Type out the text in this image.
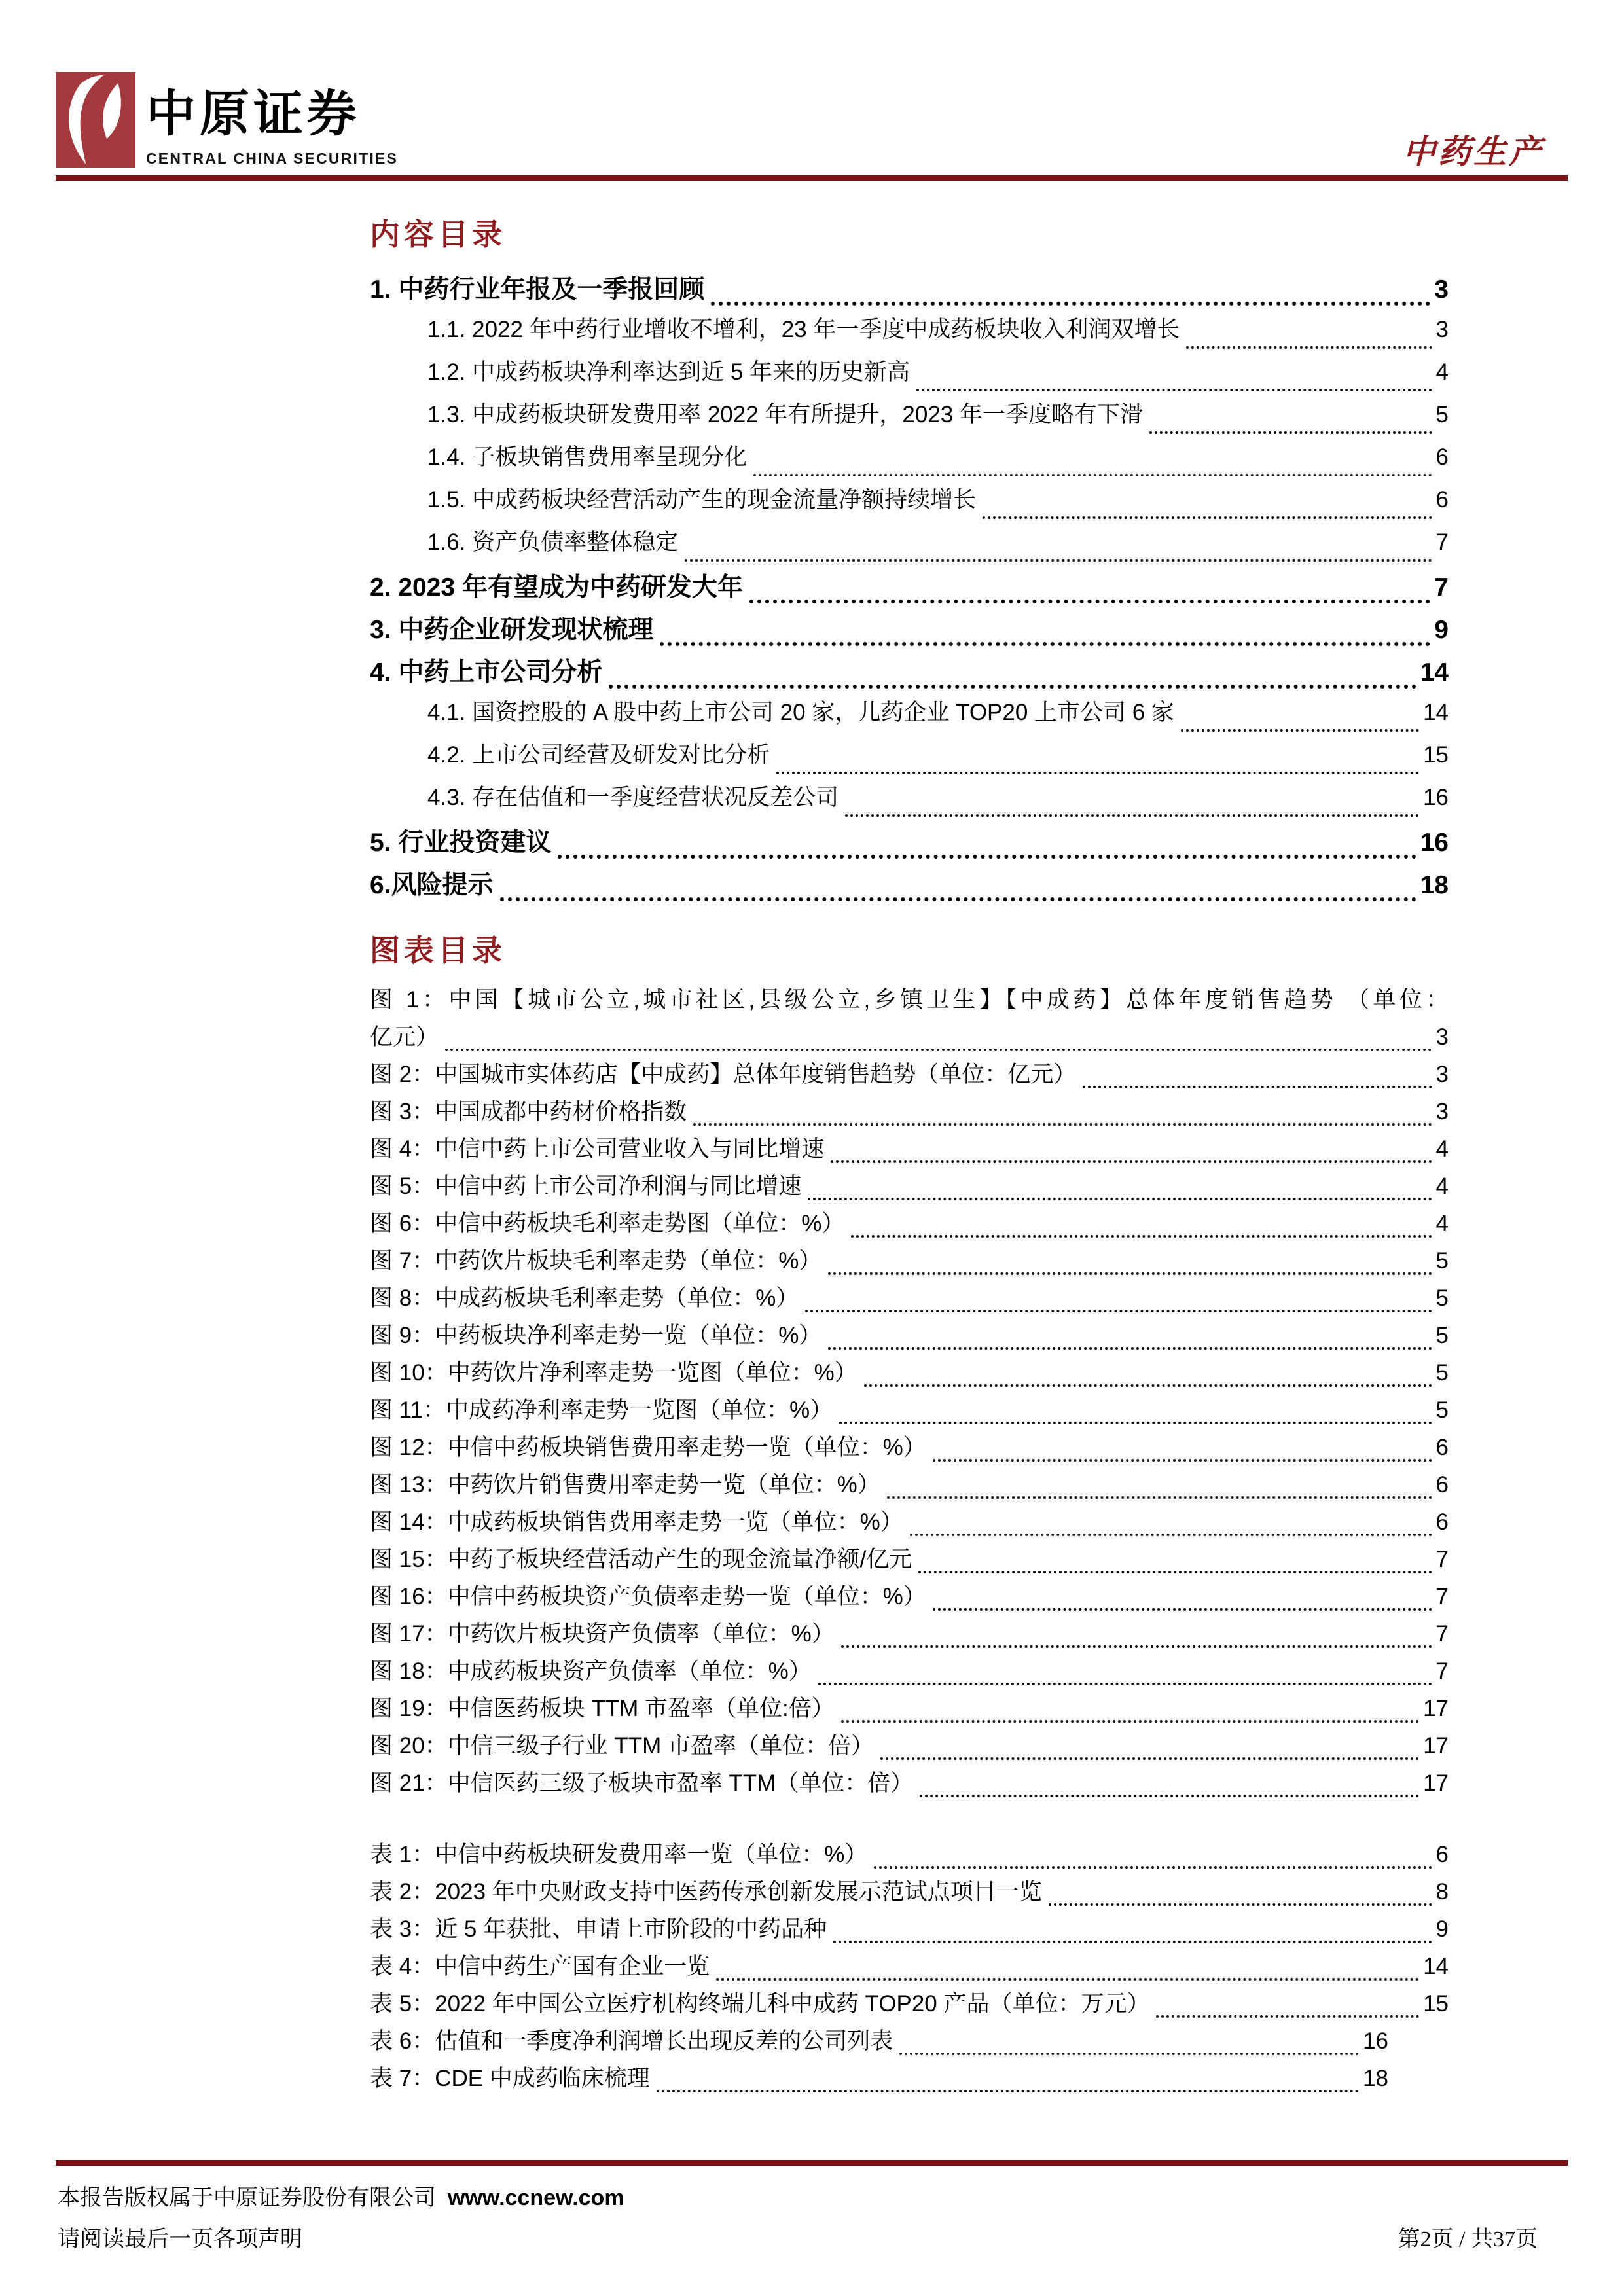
中原证券
CENTRAL CHINA SECURITIES	中药生产
内容目录
1. 中药行业年报及一季报回顾	3
1.1. 2022 年中药行业增收不增利，23 年一季度中成药板块收入利润双增长	3
1.2. 中成药板块净利率达到近 5 年来的历史新高	4
1.3. 中成药板块研发费用率 2022 年有所提升，2023 年一季度略有下滑	5
1.4. 子板块销售费用率呈现分化	6
1.5. 中成药板块经营活动产生的现金流量净额持续增长	6
1.6. 资产负债率整体稳定	7
2. 2023 年有望成为中药研发大年	7
3. 中药企业研发现状梳理	9
4. 中药上市公司分析	14
4.1. 国资控股的 A 股中药上市公司 20 家，儿药企业 TOP20 上市公司 6 家	14
4.2. 上市公司经营及研发对比分析	15
4.3. 存在估值和一季度经营状况反差公司	16
5. 行业投资建议	16
6.风险提示	18
图表目录
图 1：中国【城市公立,城市社区,县级公立,乡镇卫生】【中成药】总体年度销售趋势 （单位：
亿元）	3
图 2：中国城市实体药店【中成药】总体年度销售趋势（单位：亿元）	3
图 3：中国成都中药材价格指数	3
图 4：中信中药上市公司营业收入与同比增速	4
图 5：中信中药上市公司净利润与同比增速	4
图 6：中信中药板块毛利率走势图（单位：%）	4
图 7：中药饮片板块毛利率走势（单位：%）	5
图 8：中成药板块毛利率走势（单位：%）	5
图 9：中药板块净利率走势一览（单位：%）	5
图 10：中药饮片净利率走势一览图（单位：%）	5
图 11：中成药净利率走势一览图（单位：%）	5
图 12：中信中药板块销售费用率走势一览（单位：%）	6
图 13：中药饮片销售费用率走势一览（单位：%）	6
图 14：中成药板块销售费用率走势一览（单位：%）	6
图 15：中药子板块经营活动产生的现金流量净额/亿元	7
图 16：中信中药板块资产负债率走势一览（单位：%）	7
图 17：中药饮片板块资产负债率（单位：%）	7
图 18：中成药板块资产负债率（单位：%）	7
图 19：中信医药板块 TTM 市盈率（单位:倍）	17
图 20：中信三级子行业 TTM 市盈率（单位：倍）	17
图 21：中信医药三级子板块市盈率 TTM（单位：倍）	17
表 1：中信中药板块研发费用率一览（单位：%）	6
表 2：2023 年中央财政支持中医药传承创新发展示范试点项目一览	8
表 3：近 5 年获批、申请上市阶段的中药品种	9
表 4：中信中药生产国有企业一览	14
表 5：2022 年中国公立医疗机构终端儿科中成药 TOP20 产品（单位：万元）	15
表 6：估值和一季度净利润增长出现反差的公司列表	16
表 7：CDE 中成药临床梳理	18
本报告版权属于中原证券股份有限公司 www.ccnew.com
请阅读最后一页各项声明	第2页 / 共37页
